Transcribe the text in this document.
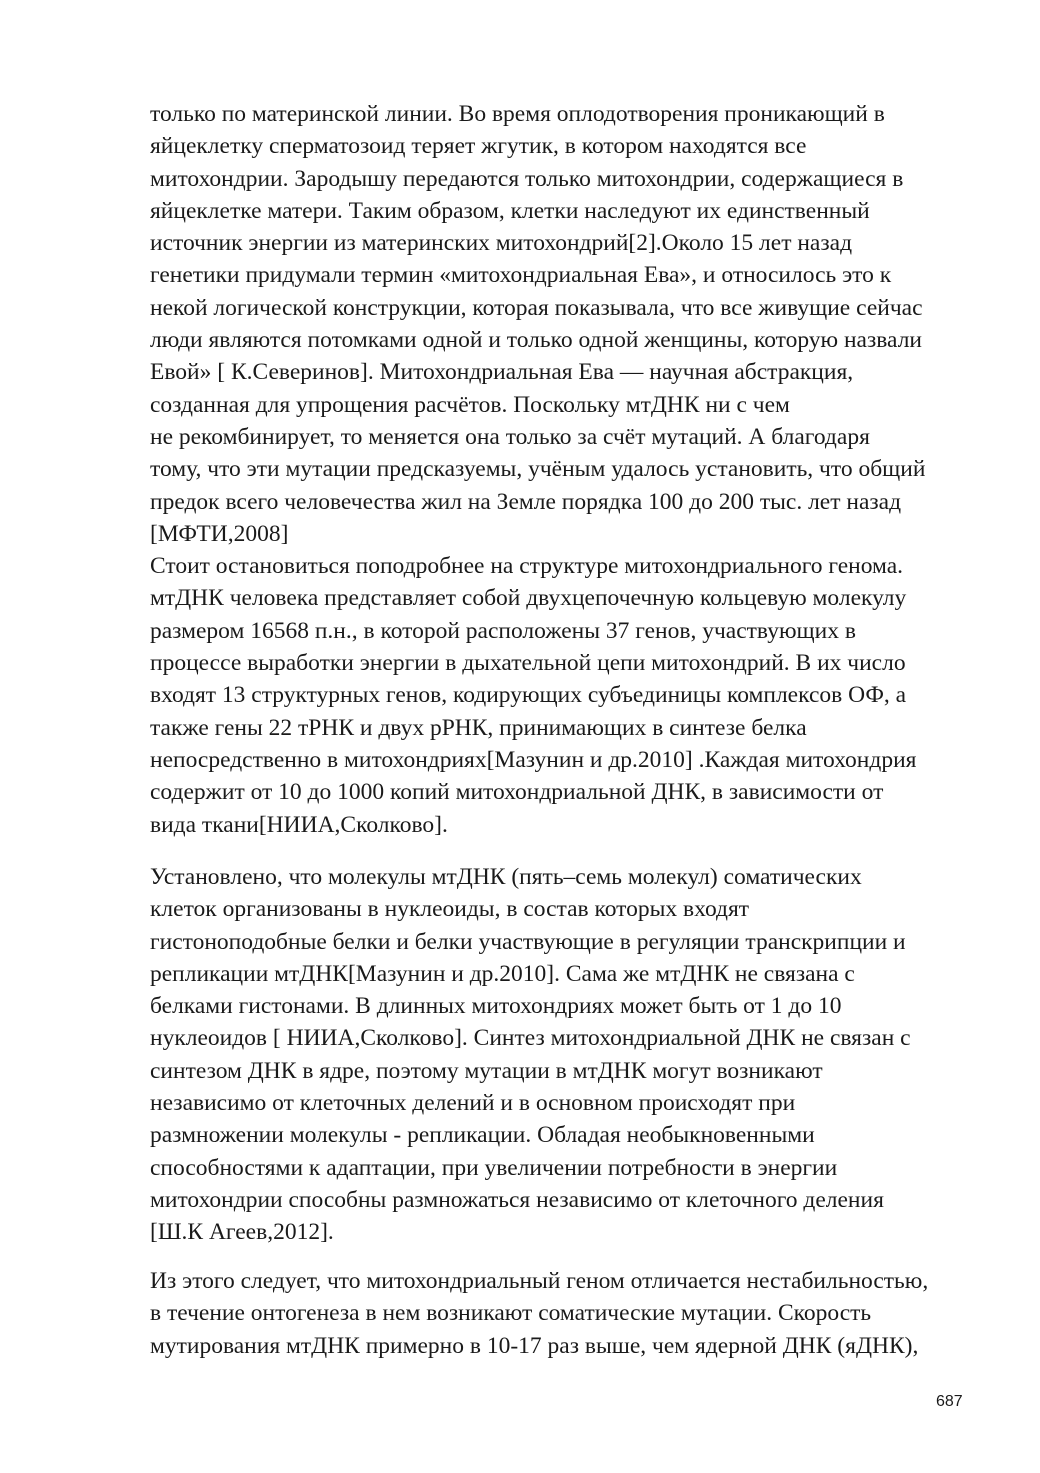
только по материнской линии. Во время оплодотворения проникающий в
яйцеклетку сперматозоид теряет жгутик, в котором находятся все
митохондрии. Зародышу передаются только митохондрии, содержащиеся в
яйцеклетке матери. Таким образом, клетки наследуют их единственный
источник энергии из материнских митохондрий[2].Около 15 лет назад
генетики придумали термин «митохондриальная Ева», и относилось это к
некой логической конструкции, которая показывала, что все живущие сейчас
люди являются потомками одной и только одной женщины, которую назвали
Евой» [ К.Северинов]. Митохондриальная Ева — научная абстракция,
созданная для упрощения расчётов. Поскольку мтДНК ни с чем
не рекомбинирует, то меняется она только за счёт мутаций. А благодаря
тому, что эти мутации предсказуемы, учёным удалось установить, что общий
предок всего человечества жил на Земле порядка 100 до 200 тыс. лет назад
[МФТИ,2008]
Стоит остановиться поподробнее на структуре митохондриального генома.
мтДНК человека представляет собой двухцепочечную кольцевую молекулу
размером 16568 п.н., в которой расположены 37 генов, участвующих в
процессе выработки энергии в дыхательной цепи митохондрий. В их число
входят 13 структурных генов, кодирующих субъединицы комплексов ОФ, а
также гены 22 тРНК и двух рРНК, принимающих в синтезе белка
непосредственно в митохондриях[Мазунин и др.2010] .Каждая митохондрия
содержит от 10 до 1000 копий митохондриальной ДНК, в зависимости от
вида ткани[НИИА,Сколково].
Установлено, что молекулы мтДНК (пять–семь молекул) соматических
клеток организованы в нуклеоиды, в состав которых входят
гистоноподобные белки и белки участвующие в регуляции транскрипции и
репликации мтДНК[Мазунин и др.2010]. Сама же мтДНК не связана с
белками гистонами. В длинных митохондриях может быть от 1 до 10
нуклеоидов [ НИИА,Сколково]. Синтез митохондриальной ДНК не связан с
синтезом ДНК в ядре, поэтому мутации в мтДНК могут возникают
независимо от клеточных делений и в основном происходят при
размножении молекулы - репликации. Обладая необыкновенными
способностями к адаптации, при увеличении потребности в энергии
митохондрии способны размножаться независимо от клеточного деления
[Ш.К Агеев,2012].
Из этого следует, что митохондриальный геном отличается нестабильностью,
в течение онтогенеза в нем возникают соматические мутации. Скорость
мутирования мтДНК примерно в 10-17 раз выше, чем ядерной ДНК (яДНК),
687
